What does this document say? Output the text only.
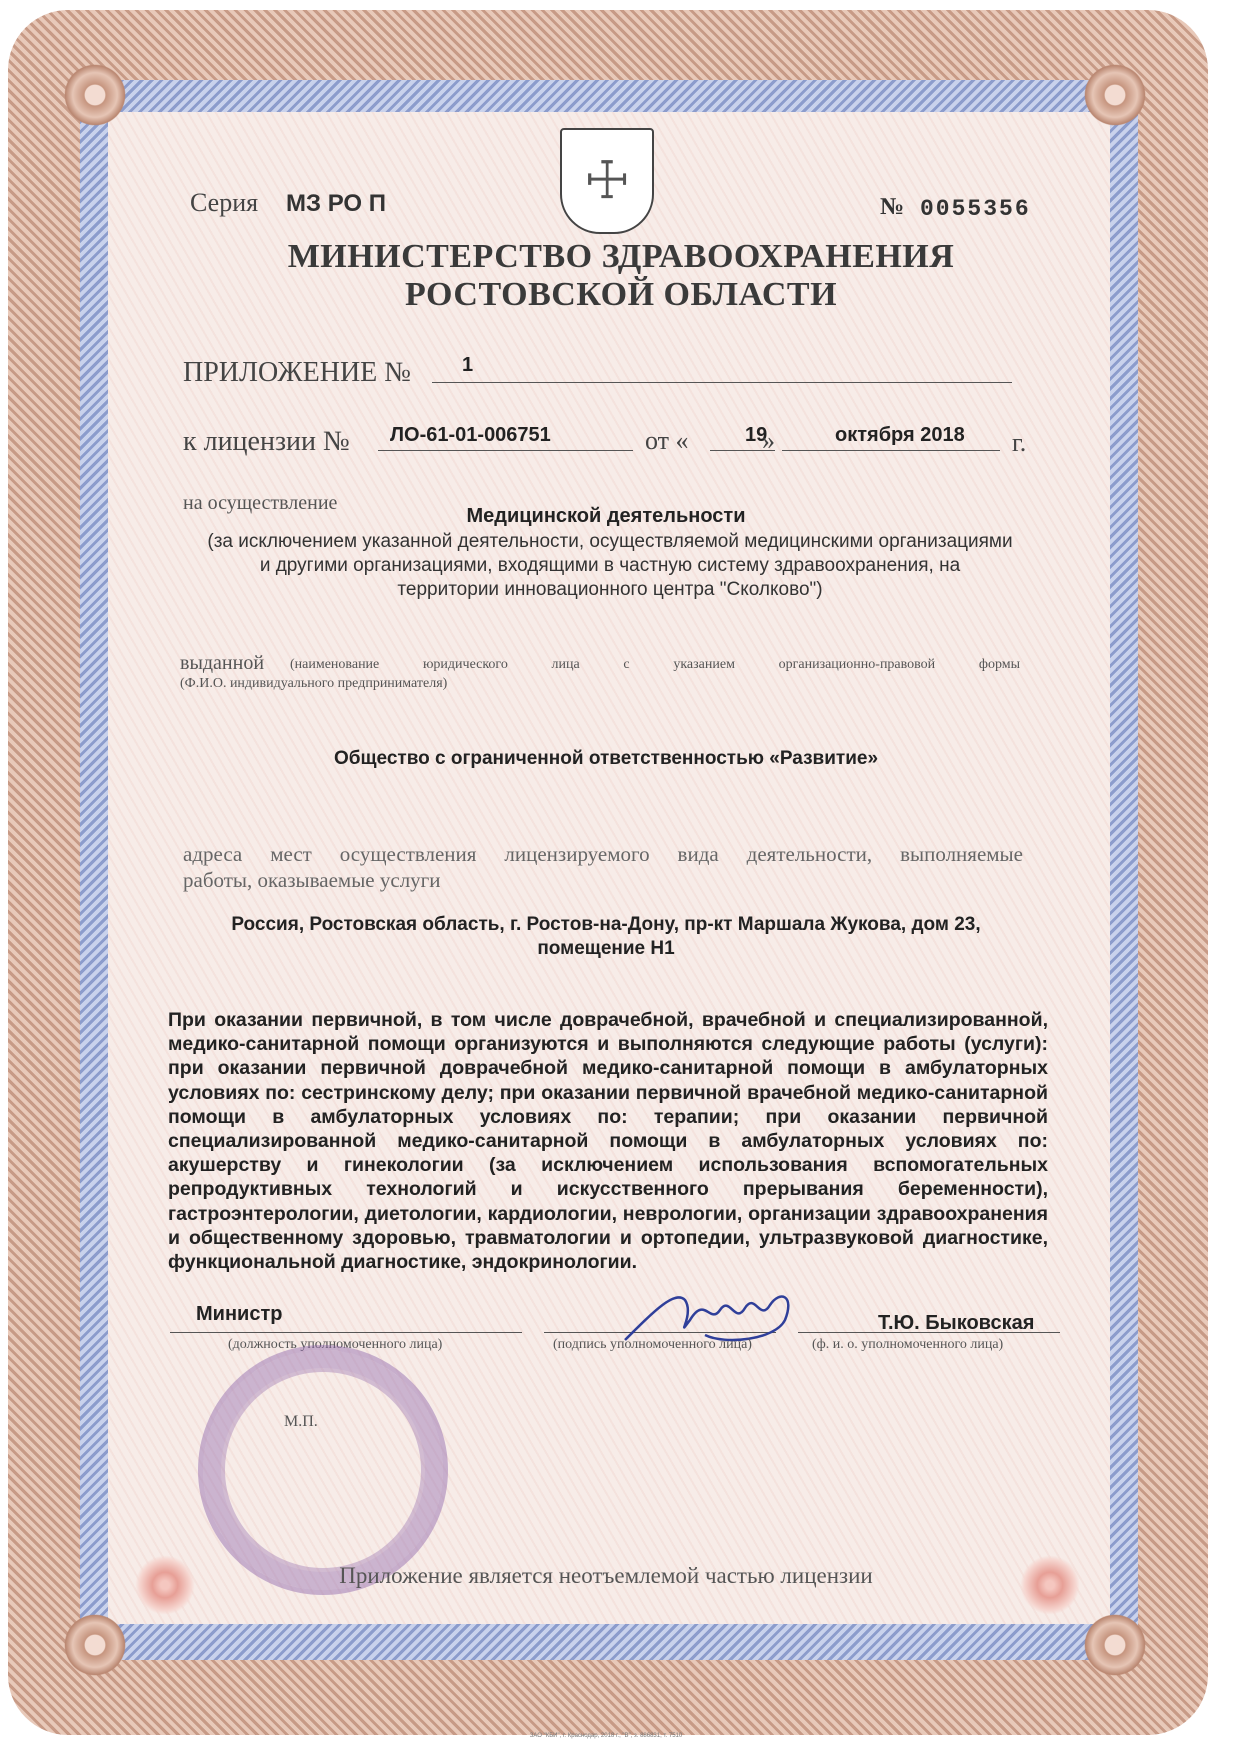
☩
Серия МЗ РО П	№ 0055356
МИНИСТЕРСТВО ЗДРАВООХРАНЕНИЯ
РОСТОВСКОЙ ОБЛАСТИ
ПРИЛОЖЕНИЕ №	1
к лицензии № ЛО-61-01-006751	от «	19
»	октября 2018 г.
на осуществление
Медицинской деятельности
(за исключением указанной деятельности, осуществляемой медицинскими организациями
и другими организациями, входящими в частную систему здравоохранения, на
территории инновационного центра "Сколково")
выданной (наименование юридического лица с указанием организационно-правовой формы
(Ф.И.О. индивидуального предпринимателя)
Общество с ограниченной ответственностью «Развитие»
адреса мест осуществления лицензируемого вида деятельности, выполняемые
работы, оказываемые услуги
Россия, Ростовская область, г. Ростов-на-Дону, пр-кт Маршала Жукова, дом 23,
помещение Н1
При оказании первичной, в том числе доврачебной, врачебной и специализированной, медико-санитарной помощи организуются и выполняются следующие работы (услуги): при оказании первичной доврачебной медико-санитарной помощи в амбулаторных условиях по: сестринскому делу; при оказании первичной врачебной медико-санитарной помощи в амбулаторных условиях по: терапии; при оказании первичной специализированной медико-санитарной помощи в амбулаторных условиях по: акушерству и гинекологии (за исключением использования вспомогательных репродуктивных технологий и искусственного прерывания беременности), гастроэнтерологии, диетологии, кардиологии, неврологии, организации здравоохранения и общественному здоровью, травматологии и ортопедии, ультразвуковой диагностике, функциональной диагностике, эндокринологии.
Министр	Т.Ю. Быковская
(должность уполномоченного лица)	(подпись уполномоченного лица)	(ф. и. о. уполномоченного лица)
М.П.
Приложение является неотъемлемой частью лицензии
ЗАО "КБИ", г. Краснодар, 2018 г., "В", з. 886831, т. 7510
